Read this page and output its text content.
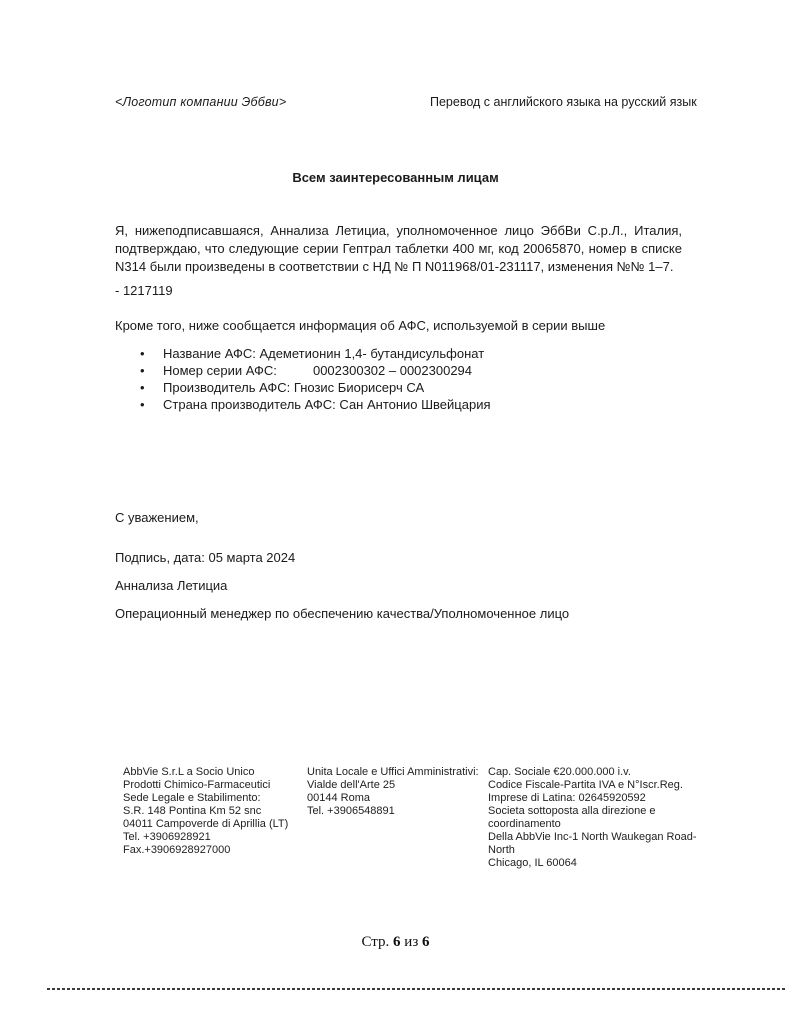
<Логотип компании Эббви>	Перевод с английского языка на русский язык
Всем заинтересованным лицам
Я, нижеподписавшаяся, Аннализа Летициа, уполномоченное лицо ЭббВи С.р.Л., Италия, подтверждаю, что следующие серии Гептрал таблетки 400 мг, код 20065870, номер в списке N314 были произведены в соответствии с НД № П N011968/01-231117, изменения №№ 1–7.
- 1217119
Кроме того, ниже сообщается информация об АФС, используемой в серии выше
•	Название АФС: Адеметионин 1,4- бутандисульфонат
•	Номер серии АФС:          0002300302 – 0002300294
•	Производитель АФС: Гнозис Биорисерч СА
•	Страна производитель АФС: Сан Антонио Швейцария
С уважением,
Подпись, дата: 05 марта 2024
Аннализа Летициа
Операционный менеджер по обеспечению качества/Уполномоченное лицо
AbbVie S.r.L a Socio Unico
Prodotti Chimico-Farmaceutici
Sede Legale e Stabilimento:
S.R. 148 Pontina Km 52 snc
04011 Campoverde di Aprillia (LT)
Tel. +3906928921
Fax.+3906928927000
Unita Locale e Uffici Amministrativi:
Vialde dell'Arte 25
00144 Roma
Tel. +3906548891
Cap. Sociale €20.000.000 i.v.
Codice Fiscale-Partita IVA e N°Iscr.Reg.
Imprese di Latina: 02645920592
Societa sottoposta alla direzione e coordinamento
Della AbbVie Inc-1 North Waukegan Road-North
Chicago, IL 60064
Стр. 6 из 6
